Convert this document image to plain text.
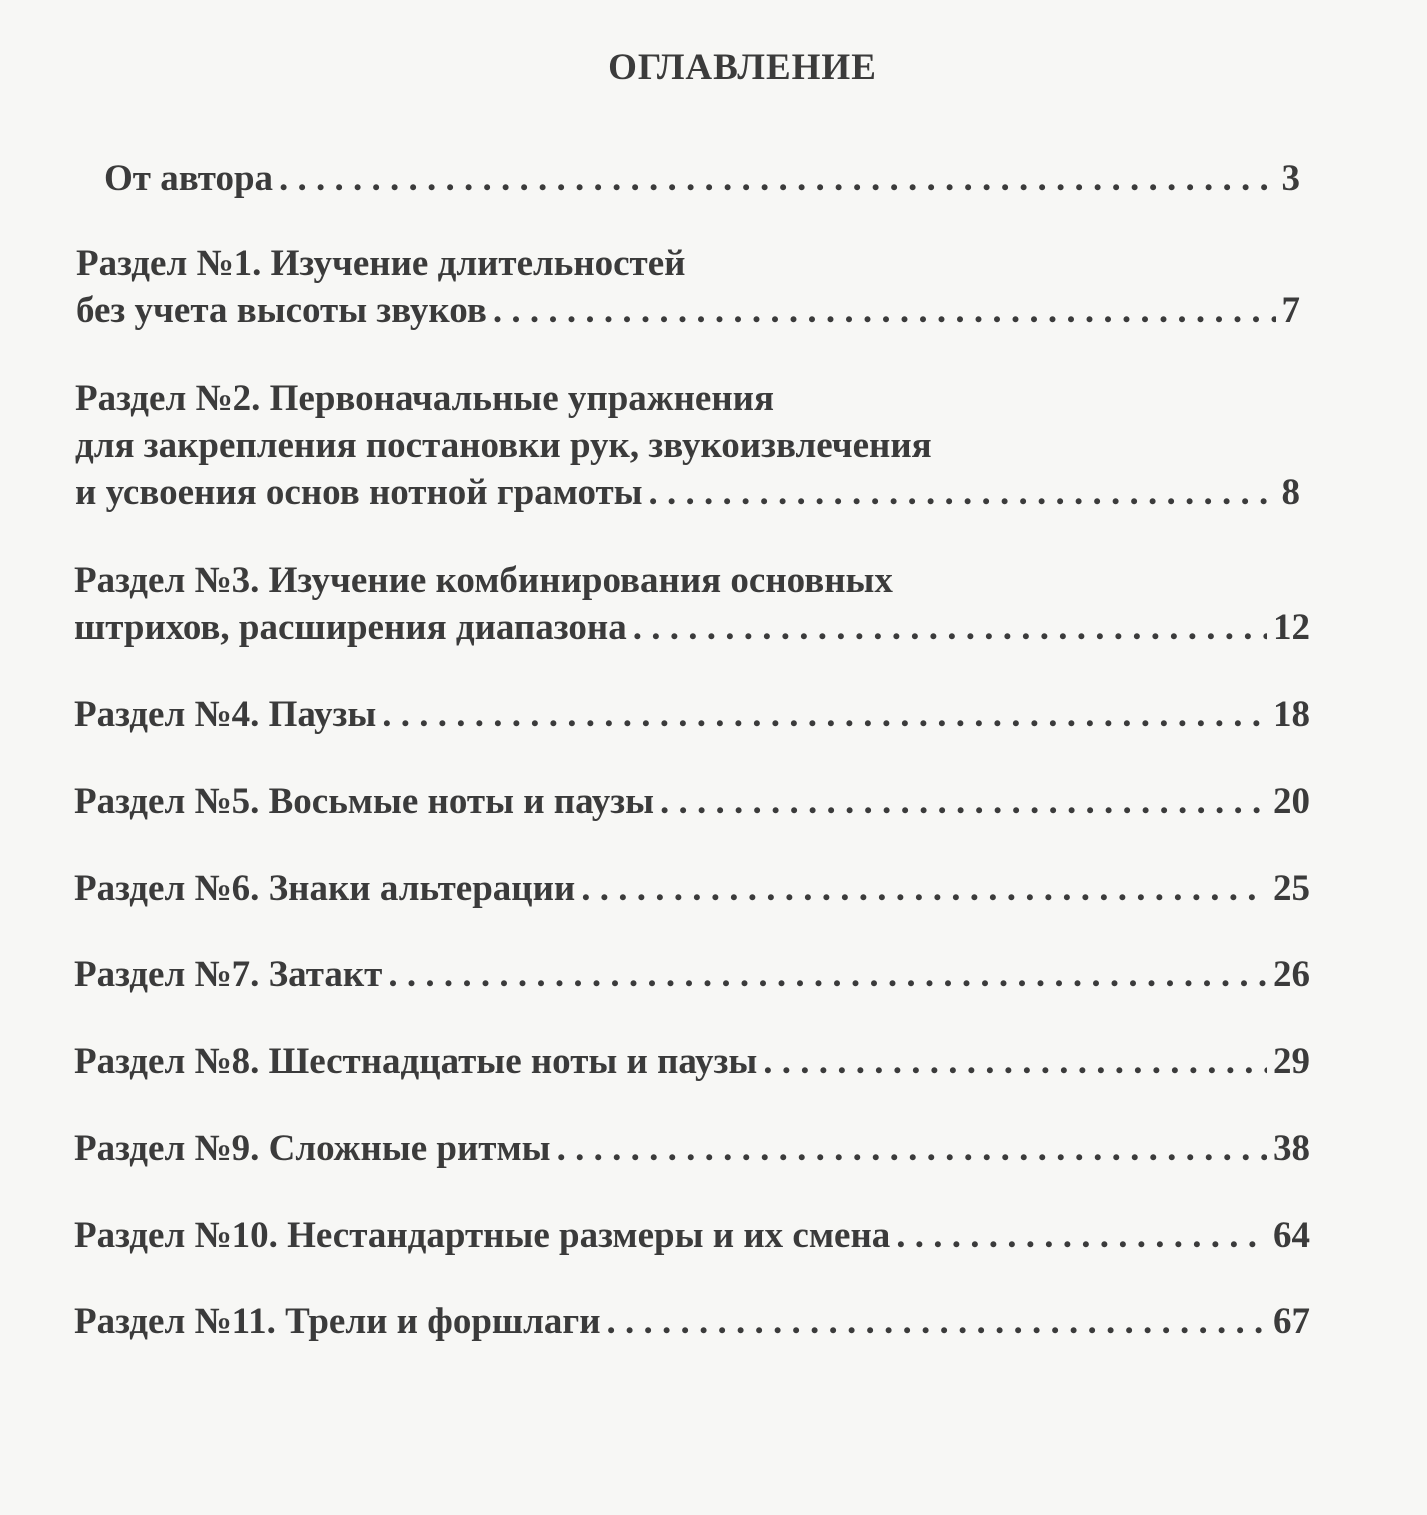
ОГЛАВЛЕНИЕ
От автора . . .	3
Раздел №1. Изучение длительностей
без учета высоты звуков . . .	7
Раздел №2. Первоначальные упражнения
для закрепления постановки рук, звукоизвлечения
и усвоения основ нотной грамоты . . .	8
Раздел №3. Изучение комбинирования основных
штрихов, расширения диапазона . . .	12
Раздел №4. Паузы . . .	18
Раздел №5. Восьмые ноты и паузы . . .	20
Раздел №6. Знаки альтерации . . .	25
Раздел №7. Затакт . . .	26
Раздел №8. Шестнадцатые ноты и паузы . . .	29
Раздел №9. Сложные ритмы . . .	38
Раздел №10. Нестандартные размеры и их смена . . .	64
Раздел №11. Трели и форшлаги . . .	67
